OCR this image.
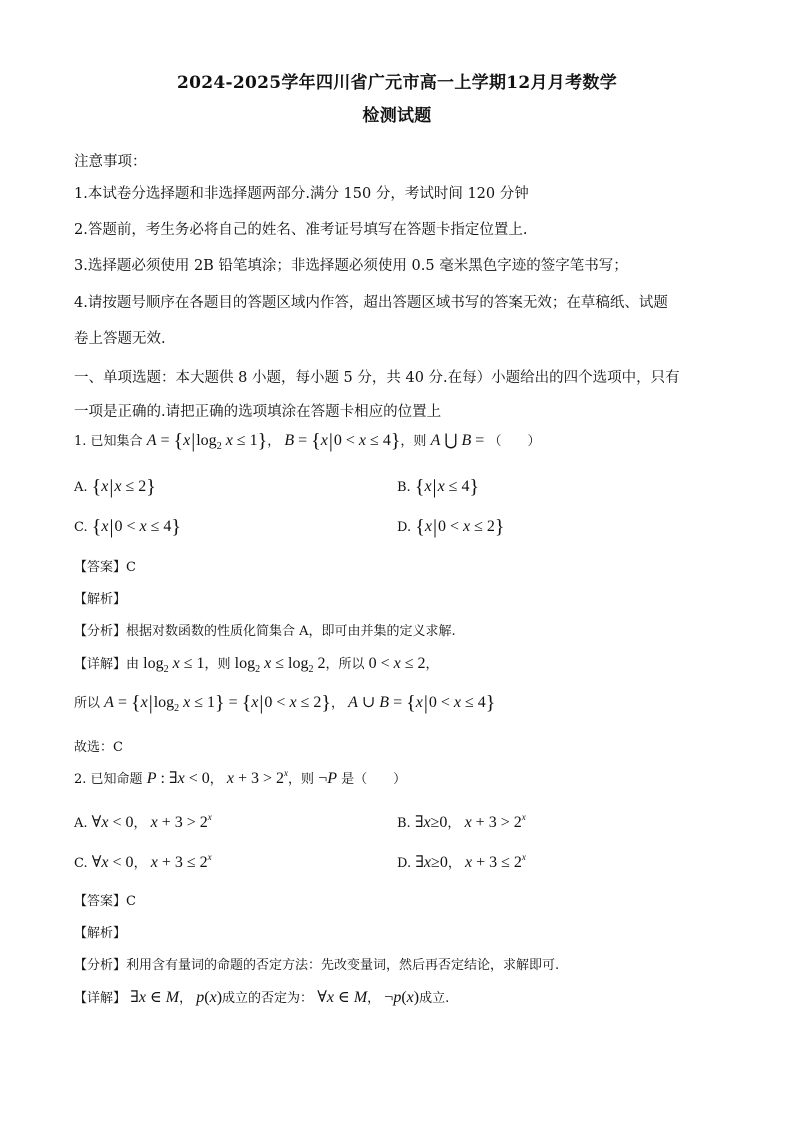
2024-2025学年四川省广元市高一上学期12月月考数学
检测试题
注意事项：
1.本试卷分选择题和非选择题两部分.满分 150 分，考试时间 120 分钟
2.答题前，考生务必将自己的姓名、准考证号填写在答题卡指定位置上.
3.选择题必须使用 2B 铅笔填涂；非选择题必须使用 0.5 毫米黑色字迹的签字笔书写；
4.请按题号顺序在各题目的答题区域内作答，超出答题区域书写的答案无效；在草稿纸、试题
卷上答题无效.
一、单项选题：本大题供 8 小题，每小题 5 分，共 40 分.在每）小题给出的四个选项中，只有
一项是正确的.请把正确的选项填涂在答题卡相应的位置上
1. 已知集合 $A = \{x|\log_2$ x ≤ 1}， B = {x|0 < x ≤ 4}，则 A ⋃ B = （　　）
A. {x|x ≤ 2}	B. {x|x ≤ 4}
C. {x|0 < x ≤ 4}	D. {x|0 < x ≤ 2}
【答案】C
【解析】
【分析】根据对数函数的性质化简集合 A，即可由并集的定义求解.
【详解】由 $\log_2 x \le 1$，则 $\log_2 x \le \log_2 2$，所以 0 < x ≤ 2，
所以 $A = \{x|\log_2$ x ≤ 1} = {x|0 < x ≤ 2}， A ∪ B = {x|0 < x ≤ 4}
故选：C
2. 已知命题 P : ∃x < 0， $x + 3 > 2^x$，则 ¬P 是（　　）
A. ∀x < 0， $x + 3 > 2^x$	B. ∃x≥0， $x + 3 > 2^x$
C. ∀x < 0， $x + 3 \le 2^x$	D. ∃x≥0， $x + 3 \le 2^x$
【答案】C
【解析】
【分析】利用含有量词的命题的否定方法：先改变量词，然后再否定结论，求解即可.
【详解】 ∃x ∈ M， p(x)成立的否定为： ∀x ∈ M， ¬p(x)成立.
